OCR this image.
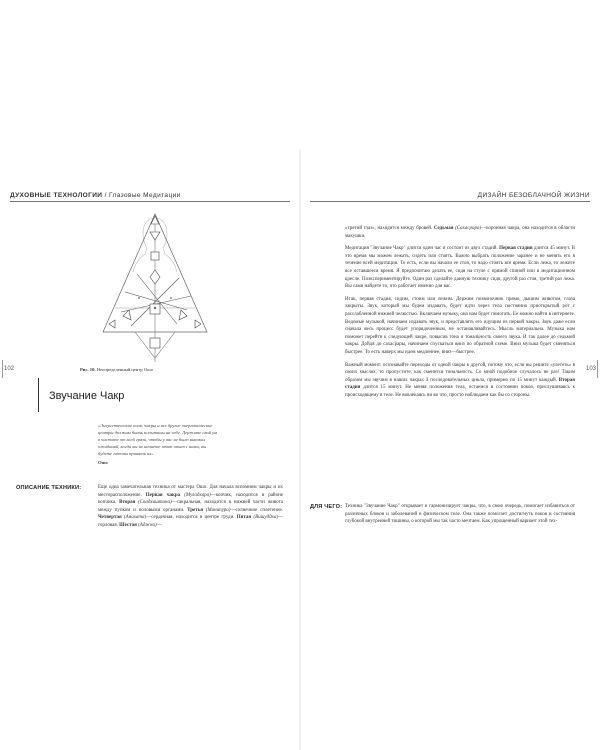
ДУХОВНЫЕ ТЕХНОЛОГИИ / Глазовые Медитации
102	Рис. 10. Неопределенный центр Ошо
Звучание Чакр
«Энергетические поля, чакры и все другие энергетические центры должны быть испытаны на себе. Держите свой ум в чистоте от всей грязи, чтобы у вас не было никаких ожиданий, когда вы их начнете этот опыт с нами, вы будете готовы принять их»
Ошо
ОПИСАНИЕ ТЕХНИКИ:	Еще одна замечательная техника от мастера Ошо. Для начала вспомним чакры и их месторасположение. Первая чакра (Муладхара)—копчик, находится в районе копчика. Вторая (Свадхиштана)—сакральная, находится в нижней части живота между пупком и половыми органами. Третья (Манипура)—солнечное сплетение. Четвертая (Анахата)—сердечная, находится в центре груди. Пятая (Вишуддха)—горловая. Шестая (Аджна)—

ДИЗАЙН БЕЗОБЛАЧНОЙ ЖИЗНИ
103

«третий глаз», находится между бровей. Седьмая (Сахасрара)—коронная чакра, она находится в области макушки.

Медитация "Звучание Чакр" длится один час и состоит из двух стадий. Первая стадия длится 45 минут. В это время мы можем лежать, сидеть или стоять. Важно выбрать положение заранее и не менять его в течение всей медитации. То есть, если вы начали ее стоя, то надо стоять все время. Если лежа, то лежите все оставшееся время. Я предпочитаю делать ее, сидя на стуле с прямой спиной или в медитационном кресле. Поэкспериментируйте. Один раз сделайте данную технику сидя, другой раз стоя, третий раз лежа. Вы сами найдете то, что работает именно для вас.

Итак, первая стадия, сидим, стоим или лежим. Держим позвоночник прямо, дышим животом, глаза закрыты. Звук, который мы будем издавать, будет идти через тело постоянно приоткрытый рот с расслабленной нижней челюстью. Включаем музыку, она нам будет помогать. Ее можно найти в интернете. Ведомые музыкой, начинаем издавать звук, и представлять его идущим из первой чакры. Звук даже если сначала весь процесс будет упорядоченным, не останавливайтесь. Мысль материальна. Музыка нам поможет перейти к следующей чакре, повысив тона и тональность своего звука. И так далее до седьмой чакры. Дойдя до сахасрары, начинаем спускаться вниз по обратной схеме. Вниз музыка будет сменяться быстрее. То есть наверх мы идем медленнее, вниз—быстрее.

Важный момент: осознавайте переходы от одной чакры к другой, потому что, если вы решите «улететь» в своих мыслях, то пропустите, как сменится тональность. Со мной подобное случалось не раз! Таким образом мы звучим в наших чакрах 3 последовательных цикла, примерно по 15 минут каждый. Вторая стадия длится 15 минут. Не меняя положения тела, остаемся в состоянии покоя, прислушиваясь к происходящему в теле. Не вовлекаясь ни во что, просто наблюдаем как бы со стороны.

ДЛЯ ЧЕГО: Техника "Звучание Чакр" открывает и гармонизирует чакры, что, в свою очередь, помогает избавиться от различных блоков и заболеваний в физическом теле. Она также помогает достигнуть покоя и состояния глубокой внутренней тишины, о которой мы так часто мечтаем. Как упрощенный вариант этой тех-
